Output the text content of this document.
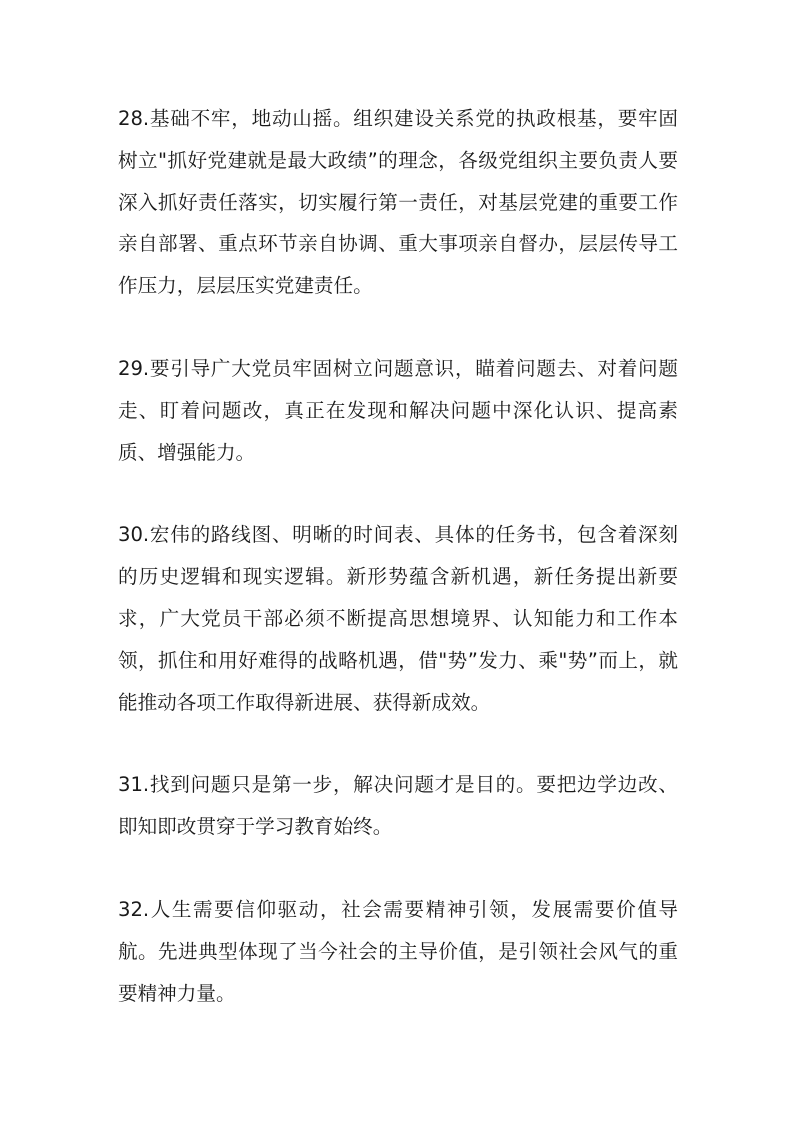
28.基础不牢，地动山摇。组织建设关系党的执政根基，要牢固树立"抓好党建就是最大政绩”的理念，各级党组织主要负责人要深入抓好责任落实，切实履行第一责任，对基层党建的重要工作亲自部署、重点环节亲自协调、重大事项亲自督办，层层传导工作压力，层层压实党建责任。

29.要引导广大党员牢固树立问题意识，瞄着问题去、对着问题走、盯着问题改，真正在发现和解决问题中深化认识、提高素质、增强能力。

30.宏伟的路线图、明晰的时间表、具体的任务书，包含着深刻的历史逻辑和现实逻辑。新形势蕴含新机遇，新任务提出新要求，广大党员干部必须不断提高思想境界、认知能力和工作本领，抓住和用好难得的战略机遇，借"势”发力、乘"势”而上，就能推动各项工作取得新进展、获得新成效。

31.找到问题只是第一步，解决问题才是目的。要把边学边改、即知即改贯穿于学习教育始终。

32.人生需要信仰驱动，社会需要精神引领，发展需要价值导航。先进典型体现了当今社会的主导价值，是引领社会风气的重要精神力量。
